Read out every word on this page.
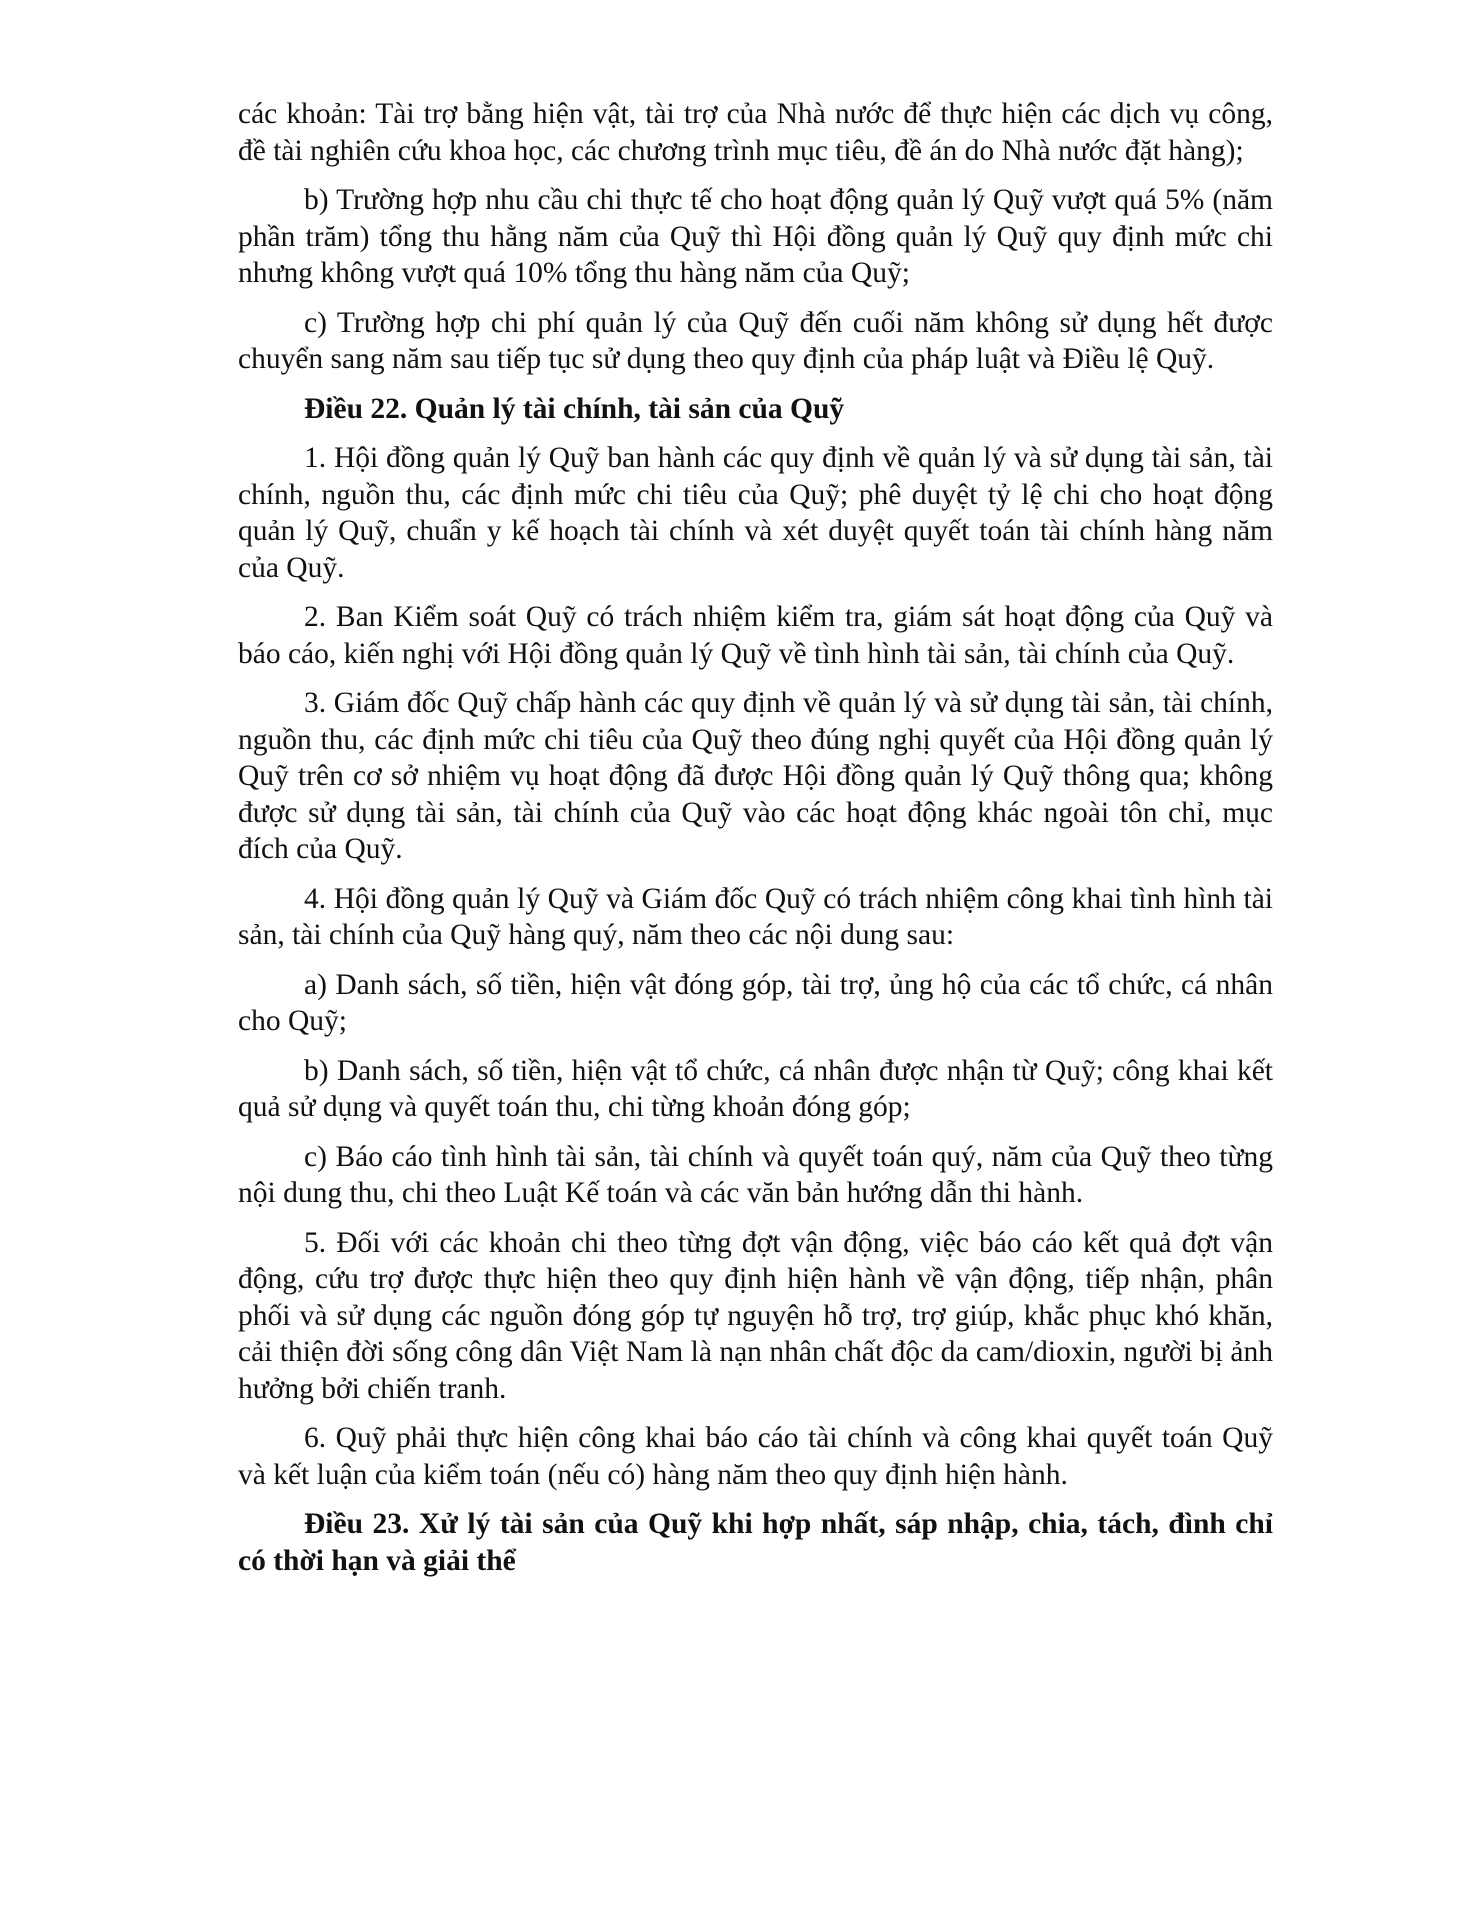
các khoản: Tài trợ bằng hiện vật, tài trợ của Nhà nước để thực hiện các dịch vụ công, đề tài nghiên cứu khoa học, các chương trình mục tiêu, đề án do Nhà nước đặt hàng);

b) Trường hợp nhu cầu chi thực tế cho hoạt động quản lý Quỹ vượt quá 5% (năm phần trăm) tổng thu hằng năm của Quỹ thì Hội đồng quản lý Quỹ quy định mức chi nhưng không vượt quá 10% tổng thu hàng năm của Quỹ;

c) Trường hợp chi phí quản lý của Quỹ đến cuối năm không sử dụng hết được chuyển sang năm sau tiếp tục sử dụng theo quy định của pháp luật và Điều lệ Quỹ.

Điều 22. Quản lý tài chính, tài sản của Quỹ

1. Hội đồng quản lý Quỹ ban hành các quy định về quản lý và sử dụng tài sản, tài chính, nguồn thu, các định mức chi tiêu của Quỹ; phê duyệt tỷ lệ chi cho hoạt động quản lý Quỹ, chuẩn y kế hoạch tài chính và xét duyệt quyết toán tài chính hàng năm của Quỹ.

2. Ban Kiểm soát Quỹ có trách nhiệm kiểm tra, giám sát hoạt động của Quỹ và báo cáo, kiến nghị với Hội đồng quản lý Quỹ về tình hình tài sản, tài chính của Quỹ.

3. Giám đốc Quỹ chấp hành các quy định về quản lý và sử dụng tài sản, tài chính, nguồn thu, các định mức chi tiêu của Quỹ theo đúng nghị quyết của Hội đồng quản lý Quỹ trên cơ sở nhiệm vụ hoạt động đã được Hội đồng quản lý Quỹ thông qua; không được sử dụng tài sản, tài chính của Quỹ vào các hoạt động khác ngoài tôn chỉ, mục đích của Quỹ.

4. Hội đồng quản lý Quỹ và Giám đốc Quỹ có trách nhiệm công khai tình hình tài sản, tài chính của Quỹ hàng quý, năm theo các nội dung sau:

a) Danh sách, số tiền, hiện vật đóng góp, tài trợ, ủng hộ của các tổ chức, cá nhân cho Quỹ;

b) Danh sách, số tiền, hiện vật tổ chức, cá nhân được nhận từ Quỹ; công khai kết quả sử dụng và quyết toán thu, chi từng khoản đóng góp;

c) Báo cáo tình hình tài sản, tài chính và quyết toán quý, năm của Quỹ theo từng nội dung thu, chi theo Luật Kế toán và các văn bản hướng dẫn thi hành.

5. Đối với các khoản chi theo từng đợt vận động, việc báo cáo kết quả đợt vận động, cứu trợ được thực hiện theo quy định hiện hành về vận động, tiếp nhận, phân phối và sử dụng các nguồn đóng góp tự nguyện hỗ trợ, trợ giúp, khắc phục khó khăn, cải thiện đời sống công dân Việt Nam là nạn nhân chất độc da cam/dioxin, người bị ảnh hưởng bởi chiến tranh.

6. Quỹ phải thực hiện công khai báo cáo tài chính và công khai quyết toán Quỹ và kết luận của kiểm toán (nếu có) hàng năm theo quy định hiện hành.

Điều 23. Xử lý tài sản của Quỹ khi hợp nhất, sáp nhập, chia, tách, đình chỉ có thời hạn và giải thể
